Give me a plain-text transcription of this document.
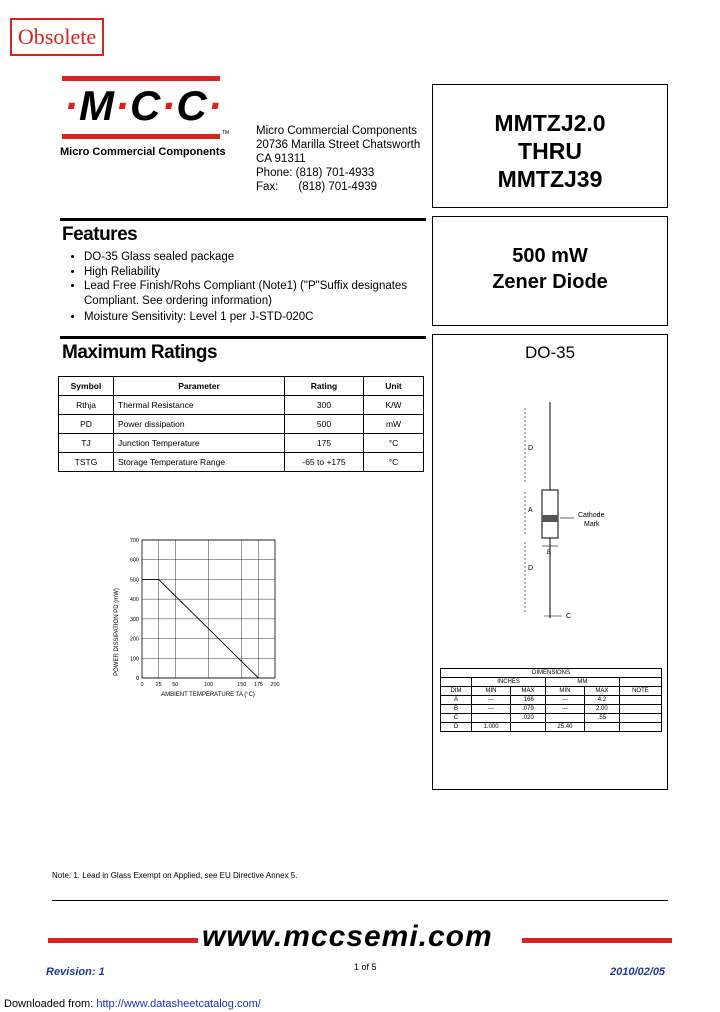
Obsolete
·M·C·C·
TM
Micro Commercial Components
Micro Commercial Components
20736 Marilla Street Chatsworth
CA 91311
Phone: (818) 701-4933
Fax: (818) 701-4939
MMTZJ2.0
THRU
MMTZJ39
500 mW
Zener Diode
Features
• DO-35 Glass sealed package
• High Reliability
• Lead Free Finish/Rohs Compliant (Note1) ("P"Suffix designates Compliant. See ordering information)
• Moisture Sensitivity: Level 1 per J-STD-020C
Maximum Ratings
Symbol	Parameter	Rating	Unit
Rthja	Thermal Resistance	300	K/W
PD	Power dissipation	500	mW
TJ	Junction Temperature	175	°C
TSTG	Storage Temperature Range	-65 to +175	°C
POWER DISSIPATION PD (mW)
AMBIENT TEMPERATURE TA (°C)
0
100
200
300
400
500
600
700
0 25 50	100	150 175 200
DO-35
D
A
D
B
Cathode
Mark
C
DIMENSIONS					
	INCHES		MM		
DIM	MIN	MAX	MIN	MAX	NOTE
A	---	.166	---	4.2	
B	---	.079	---	2.00	
C		.020		.55	
D	1.000		25.40		
Note: 1. Lead in Glass Exempt on Applied, see EU Directive Annex 5.
www.mccsemi.com
Revision: 1	1 of 5	2010/02/05
Downloaded from: http://www.datasheetcatalog.com/
